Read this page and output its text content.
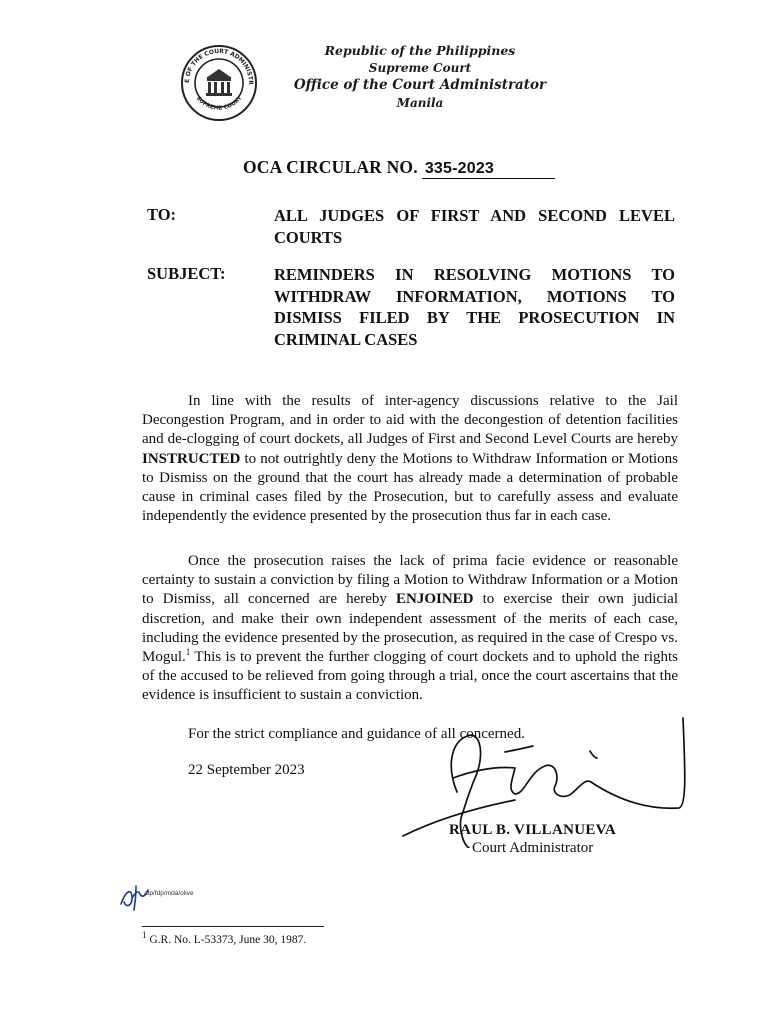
E OF THE COURT ADMINISTR
SUPREME COURT
Republic of the Philippines
Supreme Court
Office of the Court Administrator
Manila
OCA CIRCULAR NO. 335-2023
TO:	ALL JUDGES OF FIRST AND SECOND LEVEL COURTS
SUBJECT:	REMINDERS IN RESOLVING MOTIONS TO WITHDRAW INFORMATION, MOTIONS TO DISMISS FILED BY THE PROSECUTION IN CRIMINAL CASES
In line with the results of inter-agency discussions relative to the Jail Decongestion Program, and in order to aid with the decongestion of detention facilities and de-clogging of court dockets, all Judges of First and Second Level Courts are hereby INSTRUCTED to not outrightly deny the Motions to Withdraw Information or Motions to Dismiss on the ground that the court has already made a determination of probable cause in criminal cases filed by the Prosecution, but to carefully assess and evaluate independently the evidence presented by the prosecution thus far in each case.
Once the prosecution raises the lack of prima facie evidence or reasonable certainty to sustain a conviction by filing a Motion to Withdraw Information or a Motion to Dismiss, all concerned are hereby ENJOINED to exercise their own judicial discretion, and make their own independent assessment of the merits of each case, including the evidence presented by the prosecution, as required in the case of Crespo vs. Mogul.$^1$ This is to prevent the further clogging of court dockets and to uphold the rights of the accused to be relieved from going through a trial, once the court ascertains that the evidence is insufficient to sustain a conviction.
For the strict compliance and guidance of all concerned.
22 September 2023
RAUL B. VILLANUEVA
Court Administrator
atp/fdp/mda/olive
$^1$ G.R. No. L-53373, June 30, 1987.
